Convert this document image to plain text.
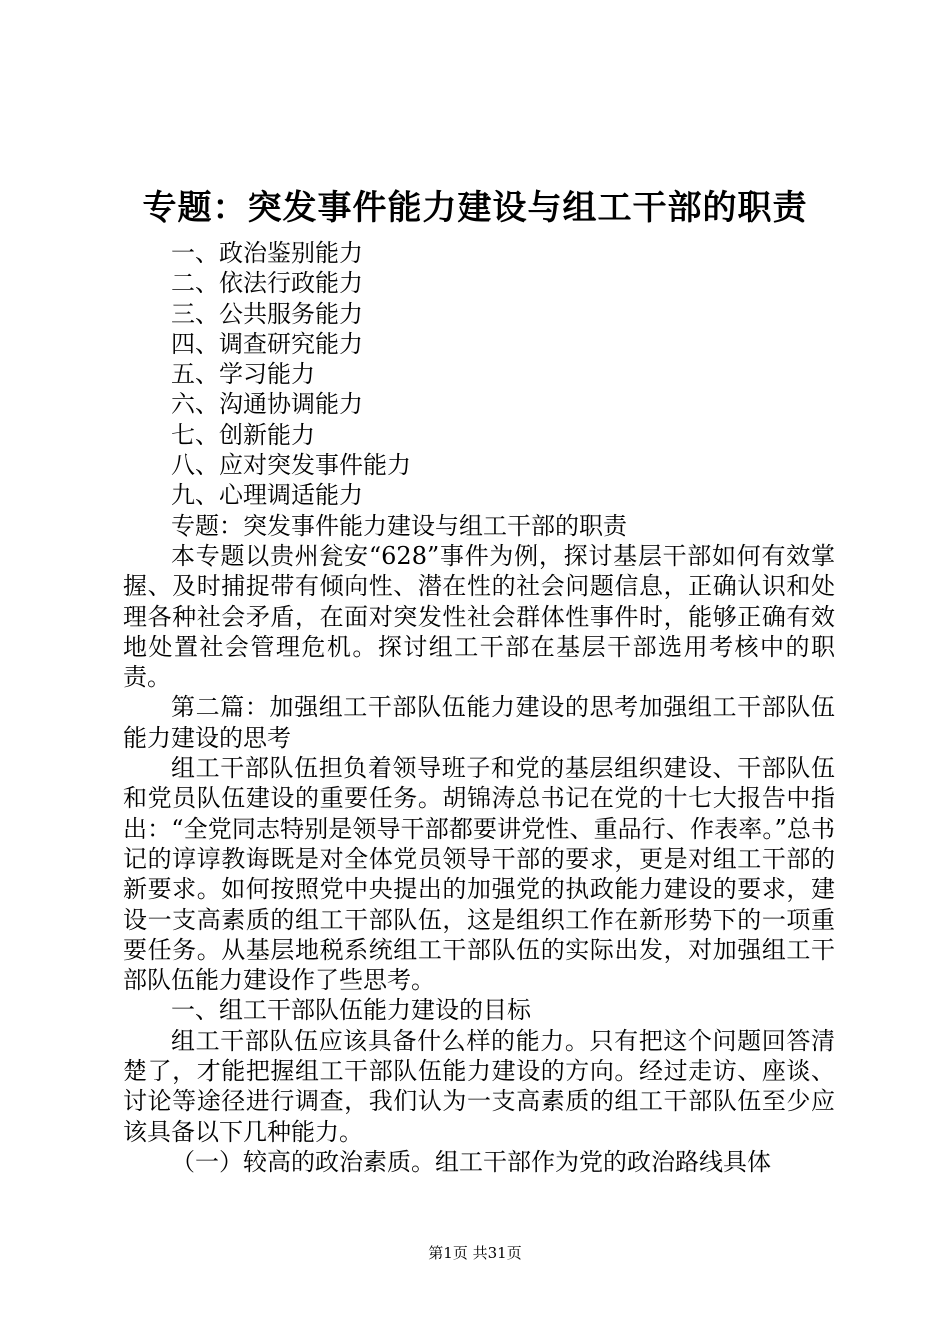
专题：突发事件能力建设与组工干部的职责
一、政治鉴别能力
二、依法行政能力
三、公共服务能力
四、调查研究能力
五、学习能力
六、沟通协调能力
七、创新能力
八、应对突发事件能力
九、心理调适能力

专题：突发事件能力建设与组工干部的职责

本专题以贵州瓮安“628”事件为例，探讨基层干部如何有效掌握、及时捕捉带有倾向性、潜在性的社会问题信息，正确认识和处理各种社会矛盾，在面对突发性社会群体性事件时，能够正确有效地处置社会管理危机。探讨组工干部在基层干部选用考核中的职责。

第二篇：加强组工干部队伍能力建设的思考加强组工干部队伍能力建设的思考

组工干部队伍担负着领导班子和党的基层组织建设、干部队伍和党员队伍建设的重要任务。胡锦涛总书记在党的十七大报告中指出：“全党同志特别是领导干部都要讲党性、重品行、作表率。”总书记的谆谆教诲既是对全体党员领导干部的要求，更是对组工干部的新要求。如何按照党中央提出的加强党的执政能力建设的要求，建设一支高素质的组工干部队伍，这是组织工作在新形势下的一项重要任务。从基层地税系统组工干部队伍的实际出发，对加强组工干部队伍能力建设作了些思考。

一、组工干部队伍能力建设的目标

组工干部队伍应该具备什么样的能力。只有把这个问题回答清楚了，才能把握组工干部队伍能力建设的方向。经过走访、座谈、讨论等途径进行调查，我们认为一支高素质的组工干部队伍至少应该具备以下几种能力。

（一）较高的政治素质。组工干部作为党的政治路线具体

第1页 共31页
